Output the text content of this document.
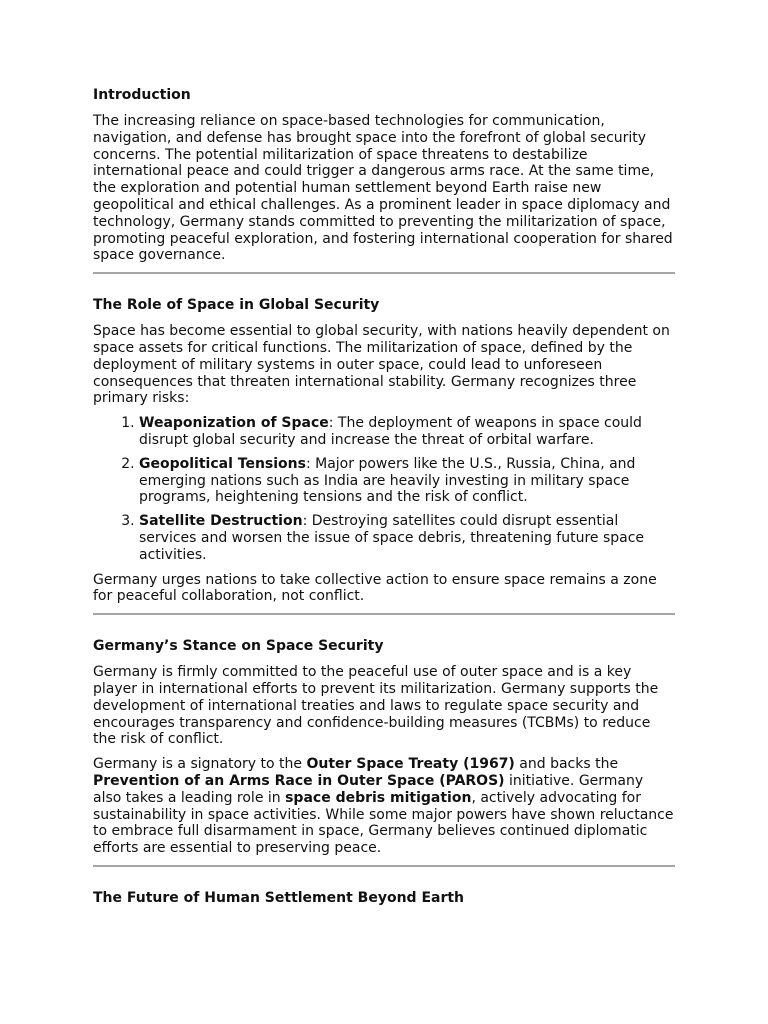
Introduction

The increasing reliance on space-based technologies for communication, navigation, and defense has brought space into the forefront of global security concerns. The potential militarization of space threatens to destabilize international peace and could trigger a dangerous arms race. At the same time, the exploration and potential human settlement beyond Earth raise new geopolitical and ethical challenges. As a prominent leader in space diplomacy and technology, Germany stands committed to preventing the militarization of space, promoting peaceful exploration, and fostering international cooperation for shared space governance.

The Role of Space in Global Security

Space has become essential to global security, with nations heavily dependent on space assets for critical functions. The militarization of space, defined by the deployment of military systems in outer space, could lead to unforeseen consequences that threaten international stability. Germany recognizes three primary risks:

1. Weaponization of Space: The deployment of weapons in space could disrupt global security and increase the threat of orbital warfare.
2. Geopolitical Tensions: Major powers like the U.S., Russia, China, and emerging nations such as India are heavily investing in military space programs, heightening tensions and the risk of conflict.
3. Satellite Destruction: Destroying satellites could disrupt essential services and worsen the issue of space debris, threatening future space activities.

Germany urges nations to take collective action to ensure space remains a zone for peaceful collaboration, not conflict.

Germany’s Stance on Space Security

Germany is firmly committed to the peaceful use of outer space and is a key player in international efforts to prevent its militarization. Germany supports the development of international treaties and laws to regulate space security and encourages transparency and confidence-building measures (TCBMs) to reduce the risk of conflict.

Germany is a signatory to the Outer Space Treaty (1967) and backs the Prevention of an Arms Race in Outer Space (PAROS) initiative. Germany also takes a leading role in space debris mitigation, actively advocating for sustainability in space activities. While some major powers have shown reluctance to embrace full disarmament in space, Germany believes continued diplomatic efforts are essential to preserving peace.

The Future of Human Settlement Beyond Earth
